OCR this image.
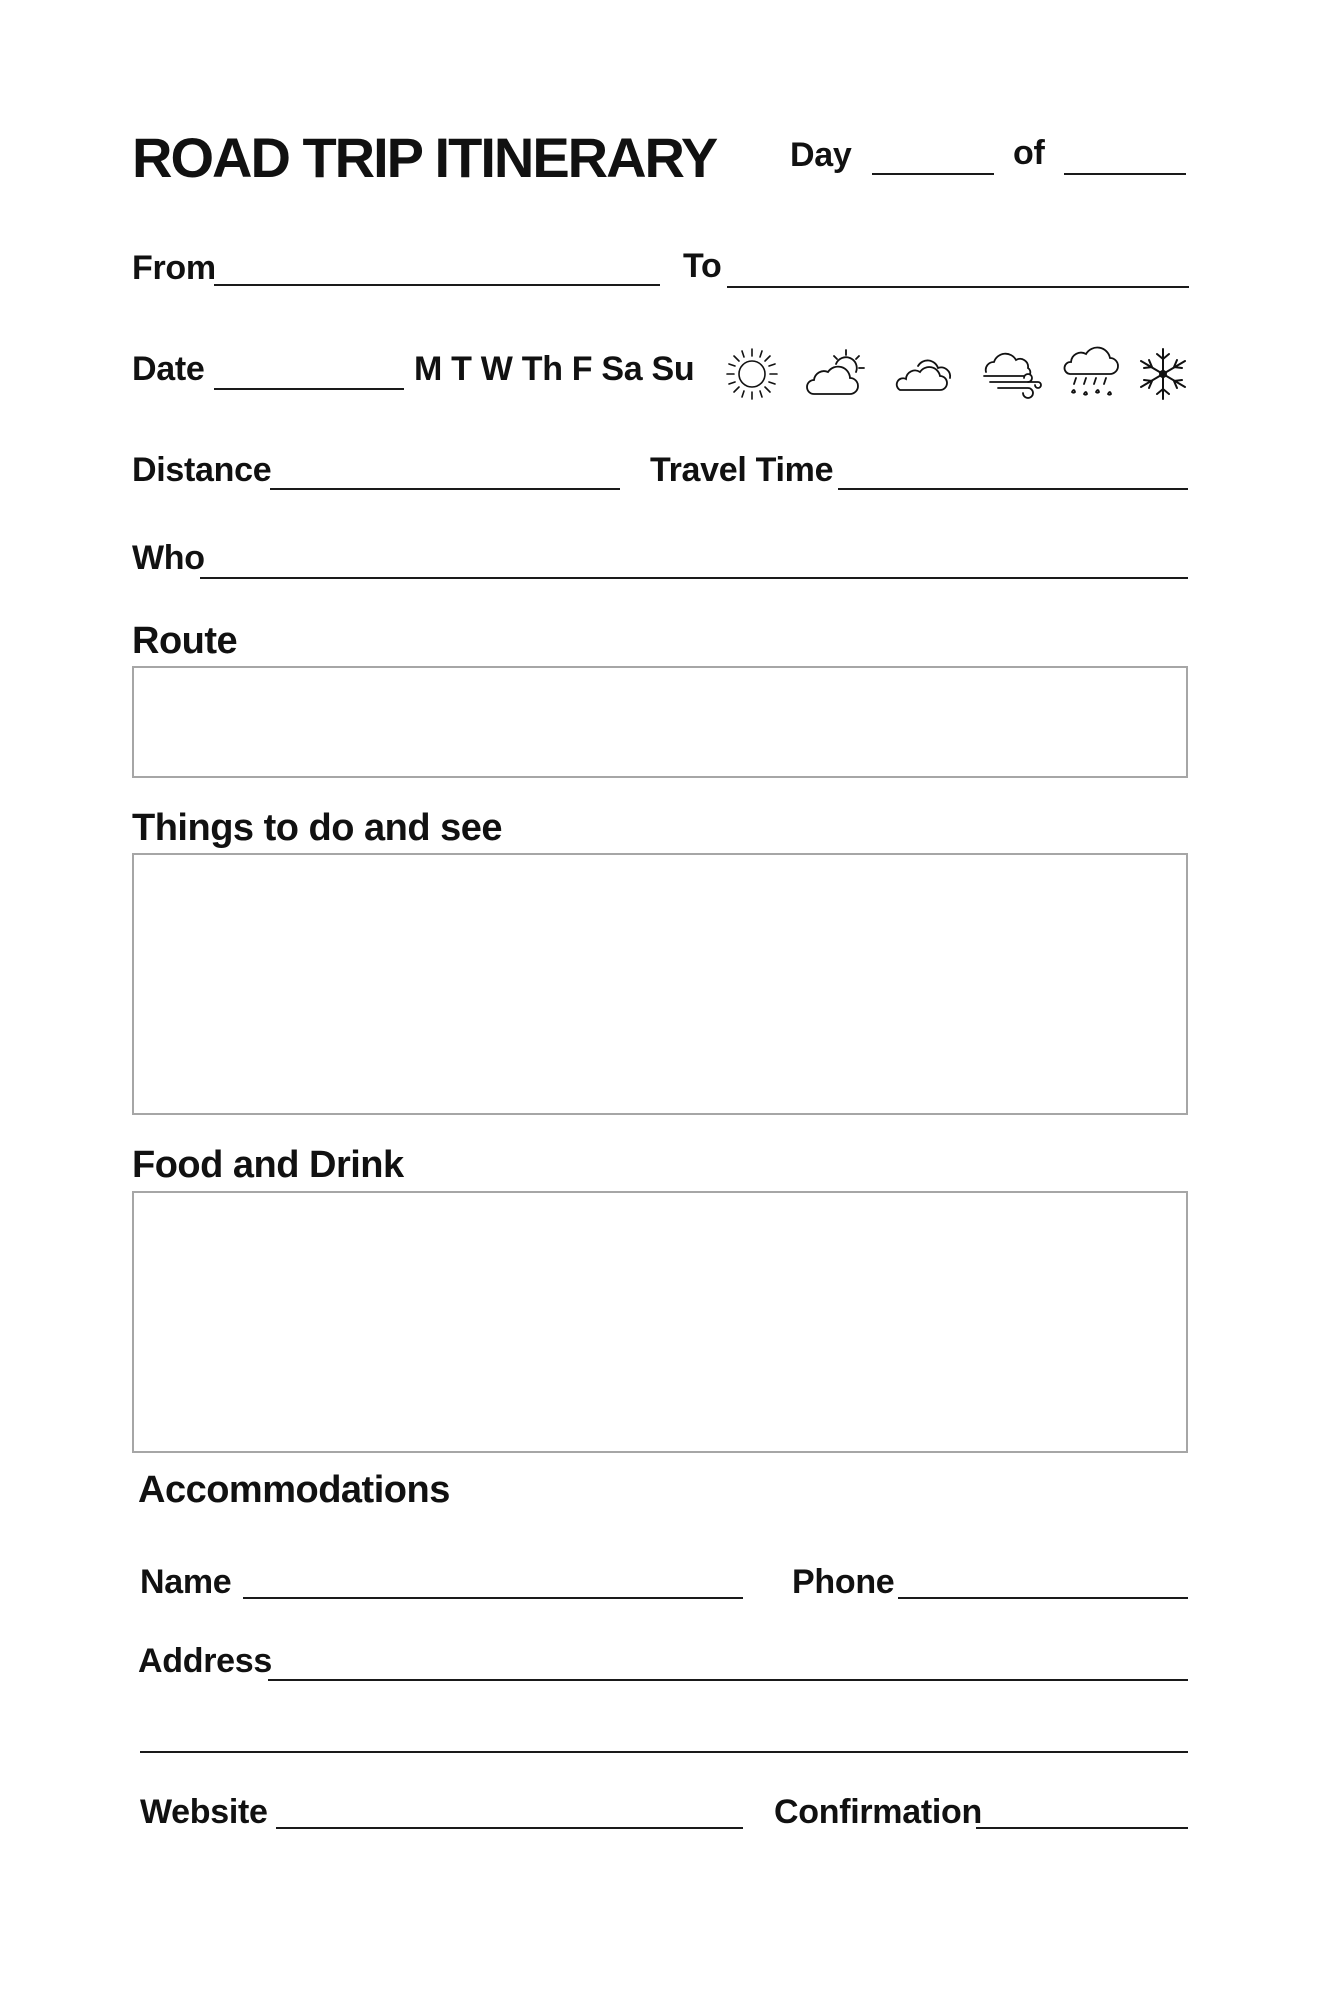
ROAD TRIP ITINERARY Day	of
From	To
Date	M T W Th F Sa Su
Distance	Travel Time
Who
Route
Things to do and see
Food and Drink
Accommodations
Name	Phone
Address
Website	Confirmation
